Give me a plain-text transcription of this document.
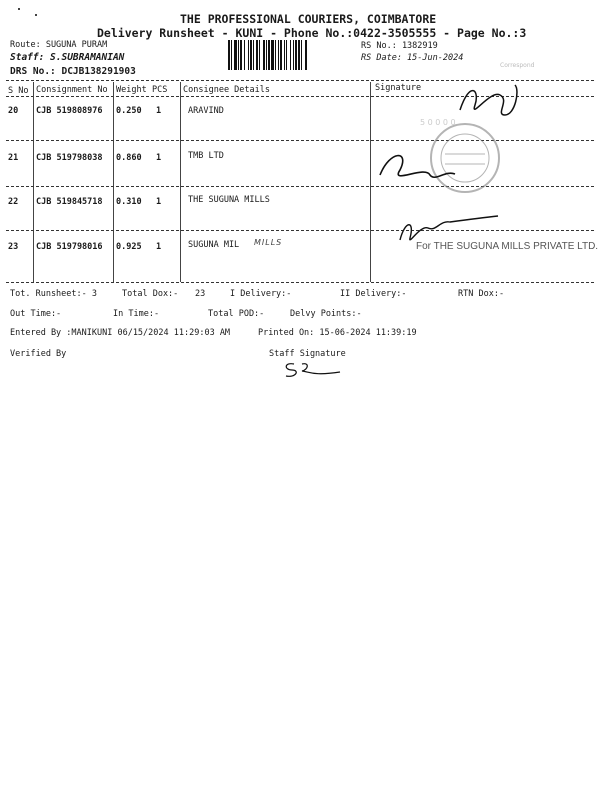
THE PROFESSIONAL COURIERS, COIMBATORE
Delivery Runsheet - KUNI - Phone No.:0422-3505555 - Page No.:3
Route: SUGUNA PURAM
Staff: S.SUBRAMANIAN
DRS No.: DCJB138291903
RS No.: 1382919
RS Date: 15-Jun-2024
Correspond
5 0 0 0 0
S No Consignment No Weight PCS Consignee Details	Signature
20 CJB 519808976 0.250 1	ARAVIND
21 CJB 519798038 0.860 1	TMB LTD
22 CJB 519845718 0.310 1	THE SUGUNA MILLS
23 CJB 519798016 0.925 1	SUGUNA MIL MILLS	For THE SUGUNA MILLS PRIVATE LTD.
Tot. Runsheet:- 3	Total Dox:- 23	I Delivery:-	II Delivery:-	RTN Dox:-
Out Time:-	In Time:-	Total POD:-	Delvy Points:-
Entered By :MANIKUNI 06/15/2024 11:29:03 AM	Printed On: 15-06-2024 11:39:19
Verified By	Staff Signature
